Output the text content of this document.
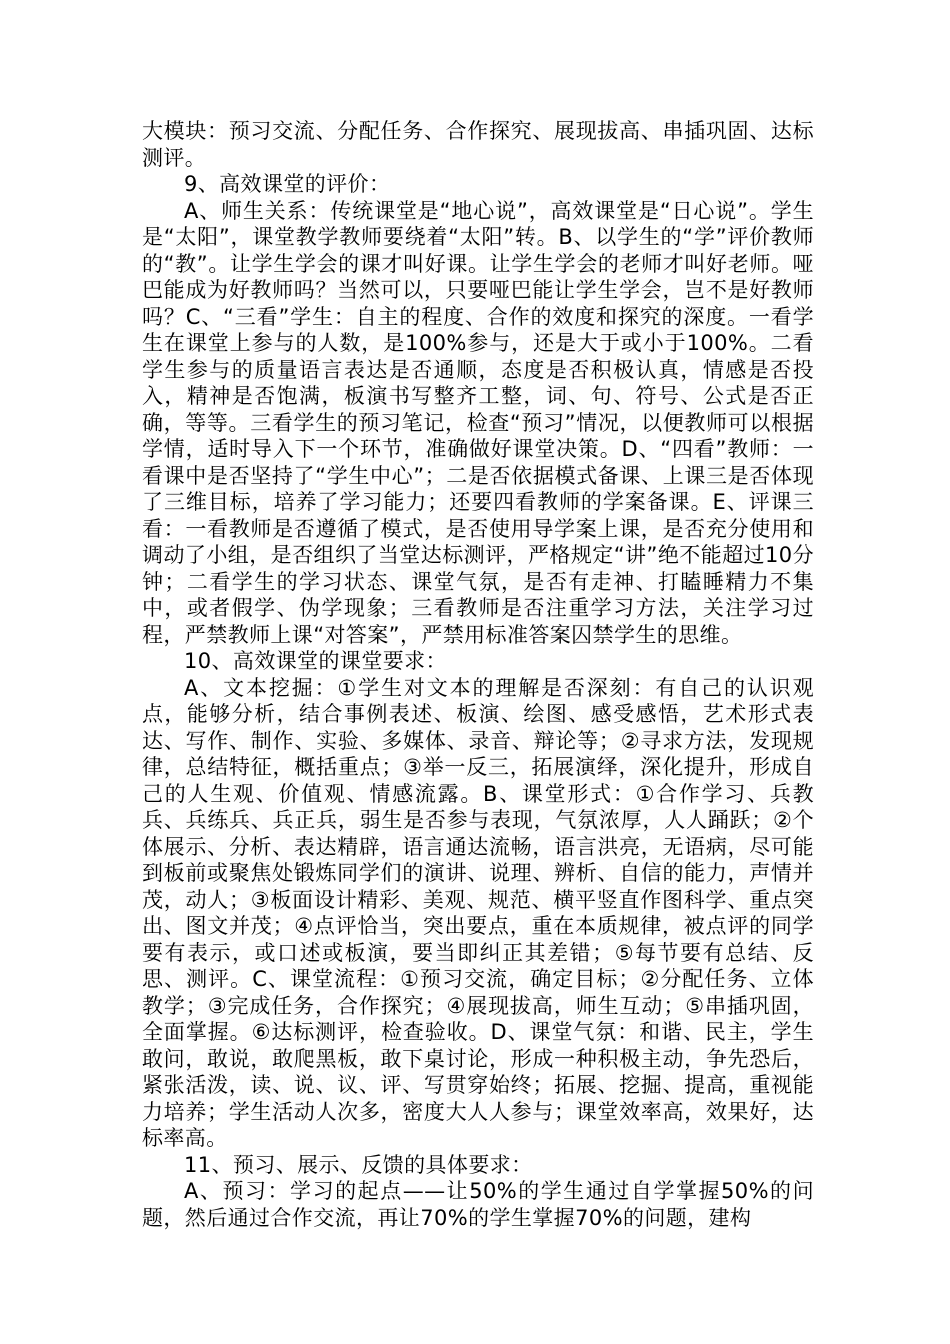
大模块：预习交流、分配任务、合作探究、展现拔高、串插巩固、达标测评。

9、高效课堂的评价：

A、师生关系：传统课堂是“地心说”，高效课堂是“日心说”。学生是“太阳”，课堂教学教师要绕着“太阳”转。B、以学生的“学”评价教师的“教”。让学生学会的课才叫好课。让学生学会的老师才叫好老师。哑巴能成为好教师吗？当然可以，只要哑巴能让学生学会，岂不是好教师吗？C、“三看”学生：自主的程度、合作的效度和探究的深度。一看学生在课堂上参与的人数，是100%参与，还是大于或小于100%。二看学生参与的质量语言表达是否通顺，态度是否积极认真，情感是否投入，精神是否饱满，板演书写整齐工整，词、句、符号、公式是否正确，等等。三看学生的预习笔记，检查“预习”情况，以便教师可以根据学情，适时导入下一个环节，准确做好课堂决策。D、“四看”教师：一看课中是否坚持了“学生中心”；二是否依据模式备课、上课三是否体现了三维目标，培养了学习能力；还要四看教师的学案备课。E、评课三看：一看教师是否遵循了模式，是否使用导学案上课，是否充分使用和调动了小组，是否组织了当堂达标测评，严格规定“讲”绝不能超过10分钟；二看学生的学习状态、课堂气氛，是否有走神、打瞌睡精力不集中，或者假学、伪学现象；三看教师是否注重学习方法，关注学习过程，严禁教师上课“对答案”，严禁用标准答案囚禁学生的思维。

10、高效课堂的课堂要求：

A、文本挖掘：①学生对文本的理解是否深刻：有自己的认识观点，能够分析，结合事例表述、板演、绘图、感受感悟，艺术形式表达、写作、制作、实验、多媒体、录音、辩论等；②寻求方法，发现规律，总结特征，概括重点；③举一反三，拓展演绎，深化提升，形成自己的人生观、价值观、情感流露。B、课堂形式：①合作学习、兵教兵、兵练兵、兵正兵，弱生是否参与表现，气氛浓厚，人人踊跃；②个体展示、分析、表达精辟，语言通达流畅，语言洪亮，无语病，尽可能到板前或聚焦处锻炼同学们的演讲、说理、辨析、自信的能力，声情并茂，动人；③板面设计精彩、美观、规范、横平竖直作图科学、重点突出、图文并茂；④点评恰当，突出要点，重在本质规律，被点评的同学要有表示，或口述或板演，要当即纠正其差错；⑤每节要有总结、反思、测评。C、课堂流程：①预习交流，确定目标；②分配任务、立体教学；③完成任务，合作探究；④展现拔高，师生互动；⑤串插巩固，全面掌握。⑥达标测评，检查验收。D、课堂气氛：和谐、民主，学生敢问，敢说，敢爬黑板，敢下桌讨论，形成一种积极主动，争先恐后，紧张活泼，读、说、议、评、写贯穿始终；拓展、挖掘、提高，重视能力培养；学生活动人次多，密度大人人参与；课堂效率高，效果好，达标率高。

11、预习、展示、反馈的具体要求：

A、预习：学习的起点——让50%的学生通过自学掌握50%的问题，然后通过合作交流，再让70%的学生掌握70%的问题，建构
